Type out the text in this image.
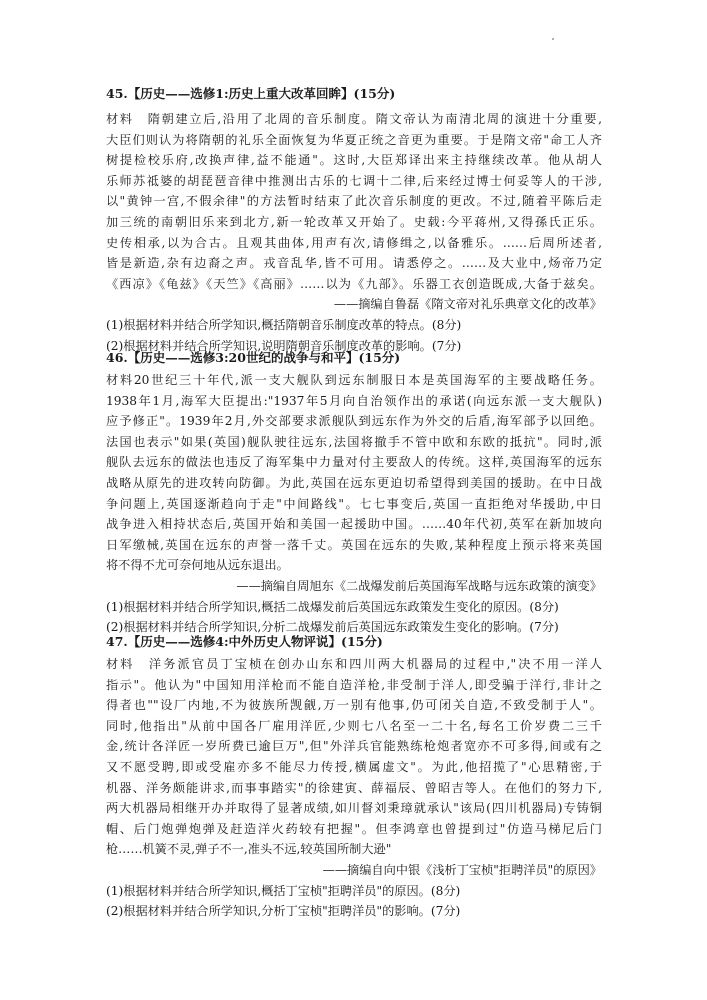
45.【历史——选修1:历史上重大改革回眸】(15分)
材料　隋朝建立后,沿用了北周的音乐制度。隋文帝认为南清北周的演进十分重要,
大臣们则认为将隋朝的礼乐全面恢复为华夏正统之音更为重要。于是隋文帝"命工人齐
树提检校乐府,改换声律,益不能通"。这时,大臣郑译出来主持继续改革。他从胡人
乐师苏祗婆的胡琵琶音律中推测出古乐的七调十二律,后来经过博士何妥等人的干涉,
以"黄钟一宫,不假余律"的方法暂时结束了此次音乐制度的更改。不过,随着平陈后走
加三统的南朝旧乐来到北方,新一轮改革又开始了。史载:今平蒋州,又得孫氏正乐。
史传相承,以为合古。且观其曲体,用声有次,请修缉之,以备雅乐。……后周所述者,
皆是新造,杂有边裔之声。戎音乱华,皆不可用。请悉停之。……及大业中,炀帝乃定
《西凉》《龟兹》《天竺》《高丽》……以为《九部》。乐器工衣创造既成,大备于兹矣。
——摘编自鲁磊《隋文帝对礼乐典章文化的改革》
(1)根据材料并结合所学知识,概括隋朝音乐制度改革的特点。(8分)
(2)根据材料并结合所学知识,说明隋朝音乐制度改革的影响。(7分)
46.【历史——选修3:20世纪的战争与和平】(15分)
材料20世纪三十年代,派一支大舰队到远东制服日本是英国海军的主要战略任务。
1938年1月,海军大臣提出:"1937年5月向自治领作出的承诺(向远东派一支大舰队)
应予修正"。1939年2月,外交部要求派舰队到远东作为外交的后盾,海军部予以回绝。
法国也表示"如果(英国)舰队驶往远东,法国将撤手不管中欧和东欧的抵抗"。同时,派
舰队去远东的做法也违反了海军集中力量对付主要敌人的传统。这样,英国海军的远东
战略从原先的进攻转向防御。为此,英国在远东更迫切希望得到美国的援助。在中日战
争问题上,英国逐渐趋向于走"中间路线"。七七事变后,英国一直拒绝对华援助,中日
战争进入相持状态后,英国开始和美国一起援助中国。……40年代初,英军在新加坡向
日军缴械,英国在远东的声誉一落千丈。英国在远东的失败,某种程度上预示将来英国
将不得不尤可奈何地从远东退出。
——摘编自周旭东《二战爆发前后英国海军战略与远东政策的演变》
(1)根据材料并结合所学知识,概括二战爆发前后英国远东政策发生变化的原因。(8分)
(2)根据材料并结合所学知识,分析二战爆发前后英国远东政策发生变化的影响。(7分)
47.【历史——选修4:中外历史人物评说】(15分)
材料　洋务派官员丁宝桢在创办山东和四川两大机器局的过程中,"决不用一洋人
指示"。他认为"中国知用洋枪而不能自造洋枪,非受制于洋人,即受骗于洋行,非计之
得者也""设厂内地,不为彼族所觊觎,万一别有他事,仍可闭关自造,不致受制于人"。
同时,他指出"从前中国各厂雇用洋匠,少则七八名至一二十名,每名工价岁费二三千
金,统计各洋匠一岁所费已逾巨万",但"外洋兵官能熟练枪炮者宽亦不可多得,间或有之
又不愿受聘,即或受雇亦多不能尽力传授,横属虚文"。为此,他招揽了"心思精密,于
机器、洋务颇能讲求,而事事踏实"的徐建寅、薛福辰、曾昭吉等人。在他们的努力下,
两大机器局相继开办并取得了显著成绩,如川督刘秉璋就承认"该局(四川机器局)专铸铜
帽、后门炮弹炮弹及赶造洋火药较有把握"。但李鸿章也曾提到过"仿造马梯尼后门
枪……机簧不灵,弹子不一,准头不远,较英国所制大逊"
——摘编自向中银《浅析丁宝桢"拒聘洋员"的原因》
(1)根据材料并结合所学知识,概括丁宝桢"拒聘洋员"的原因。(8分)
(2)根据材料并结合所学知识,分析丁宝桢"拒聘洋员"的影响。(7分)
